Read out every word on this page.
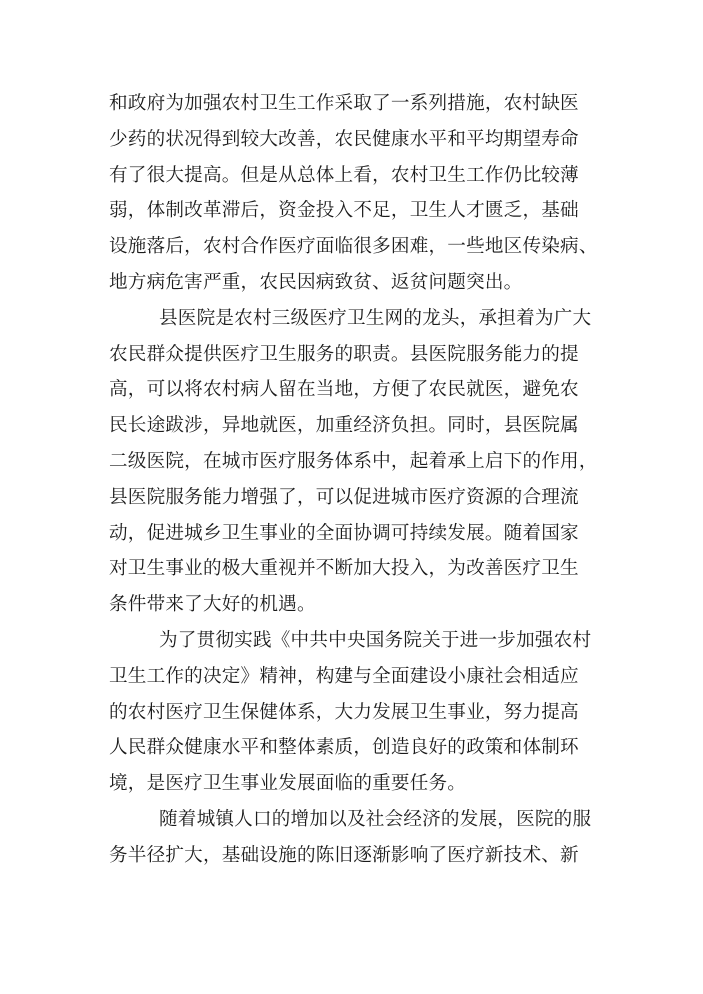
和政府为加强农村卫生工作采取了一系列措施，农村缺医
少药的状况得到较大改善，农民健康水平和平均期望寿命
有了很大提高。但是从总体上看，农村卫生工作仍比较薄
弱，体制改革滞后，资金投入不足，卫生人才匮乏，基础
设施落后，农村合作医疗面临很多困难，一些地区传染病、
地方病危害严重，农民因病致贫、返贫问题突出。
县医院是农村三级医疗卫生网的龙头，承担着为广大
农民群众提供医疗卫生服务的职责。县医院服务能力的提
高，可以将农村病人留在当地，方便了农民就医，避免农
民长途跋涉，异地就医，加重经济负担。同时，县医院属
二级医院，在城市医疗服务体系中，起着承上启下的作用，
县医院服务能力增强了，可以促进城市医疗资源的合理流
动，促进城乡卫生事业的全面协调可持续发展。随着国家
对卫生事业的极大重视并不断加大投入，为改善医疗卫生
条件带来了大好的机遇。
为了贯彻实践《中共中央国务院关于进一步加强农村
卫生工作的决定》精神，构建与全面建设小康社会相适应
的农村医疗卫生保健体系，大力发展卫生事业，努力提高
人民群众健康水平和整体素质，创造良好的政策和体制环
境，是医疗卫生事业发展面临的重要任务。
随着城镇人口的增加以及社会经济的发展，医院的服
务半径扩大，基础设施的陈旧逐渐影响了医疗新技术、新
